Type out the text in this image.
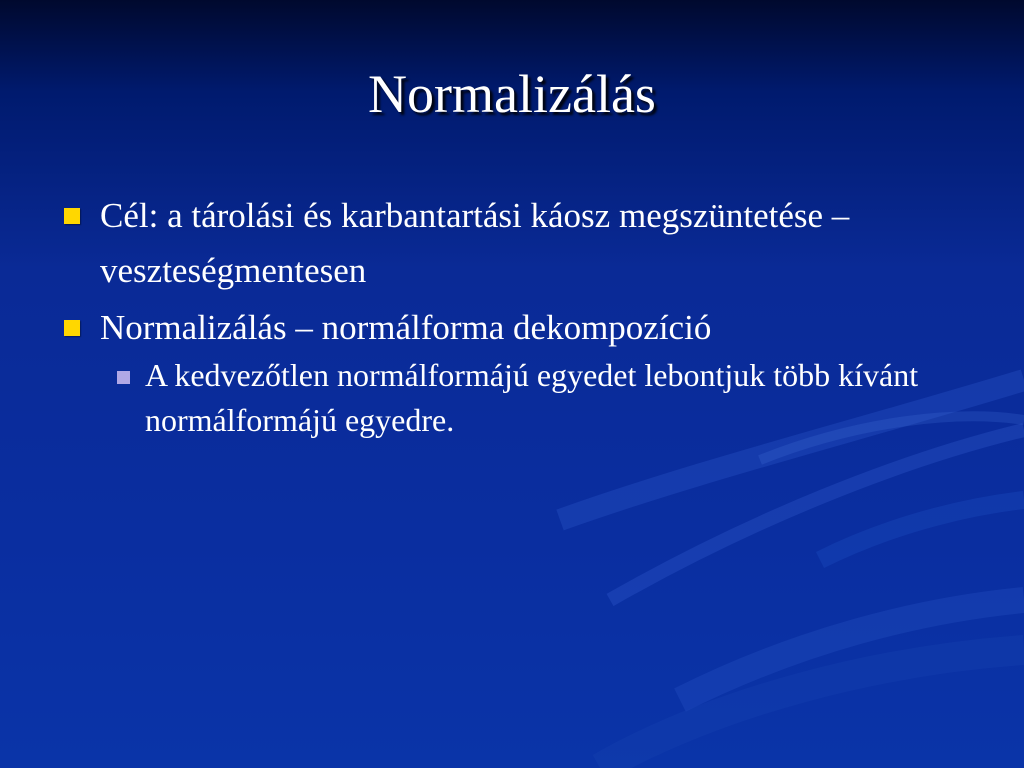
Normalizálás
Cél: a tárolási és karbantartási káosz megszüntetése – veszteségmentesen
Normalizálás – normálforma dekompozíció
A kedvezőtlen normálformájú egyedet lebontjuk több kívánt normálformájú egyedre.
